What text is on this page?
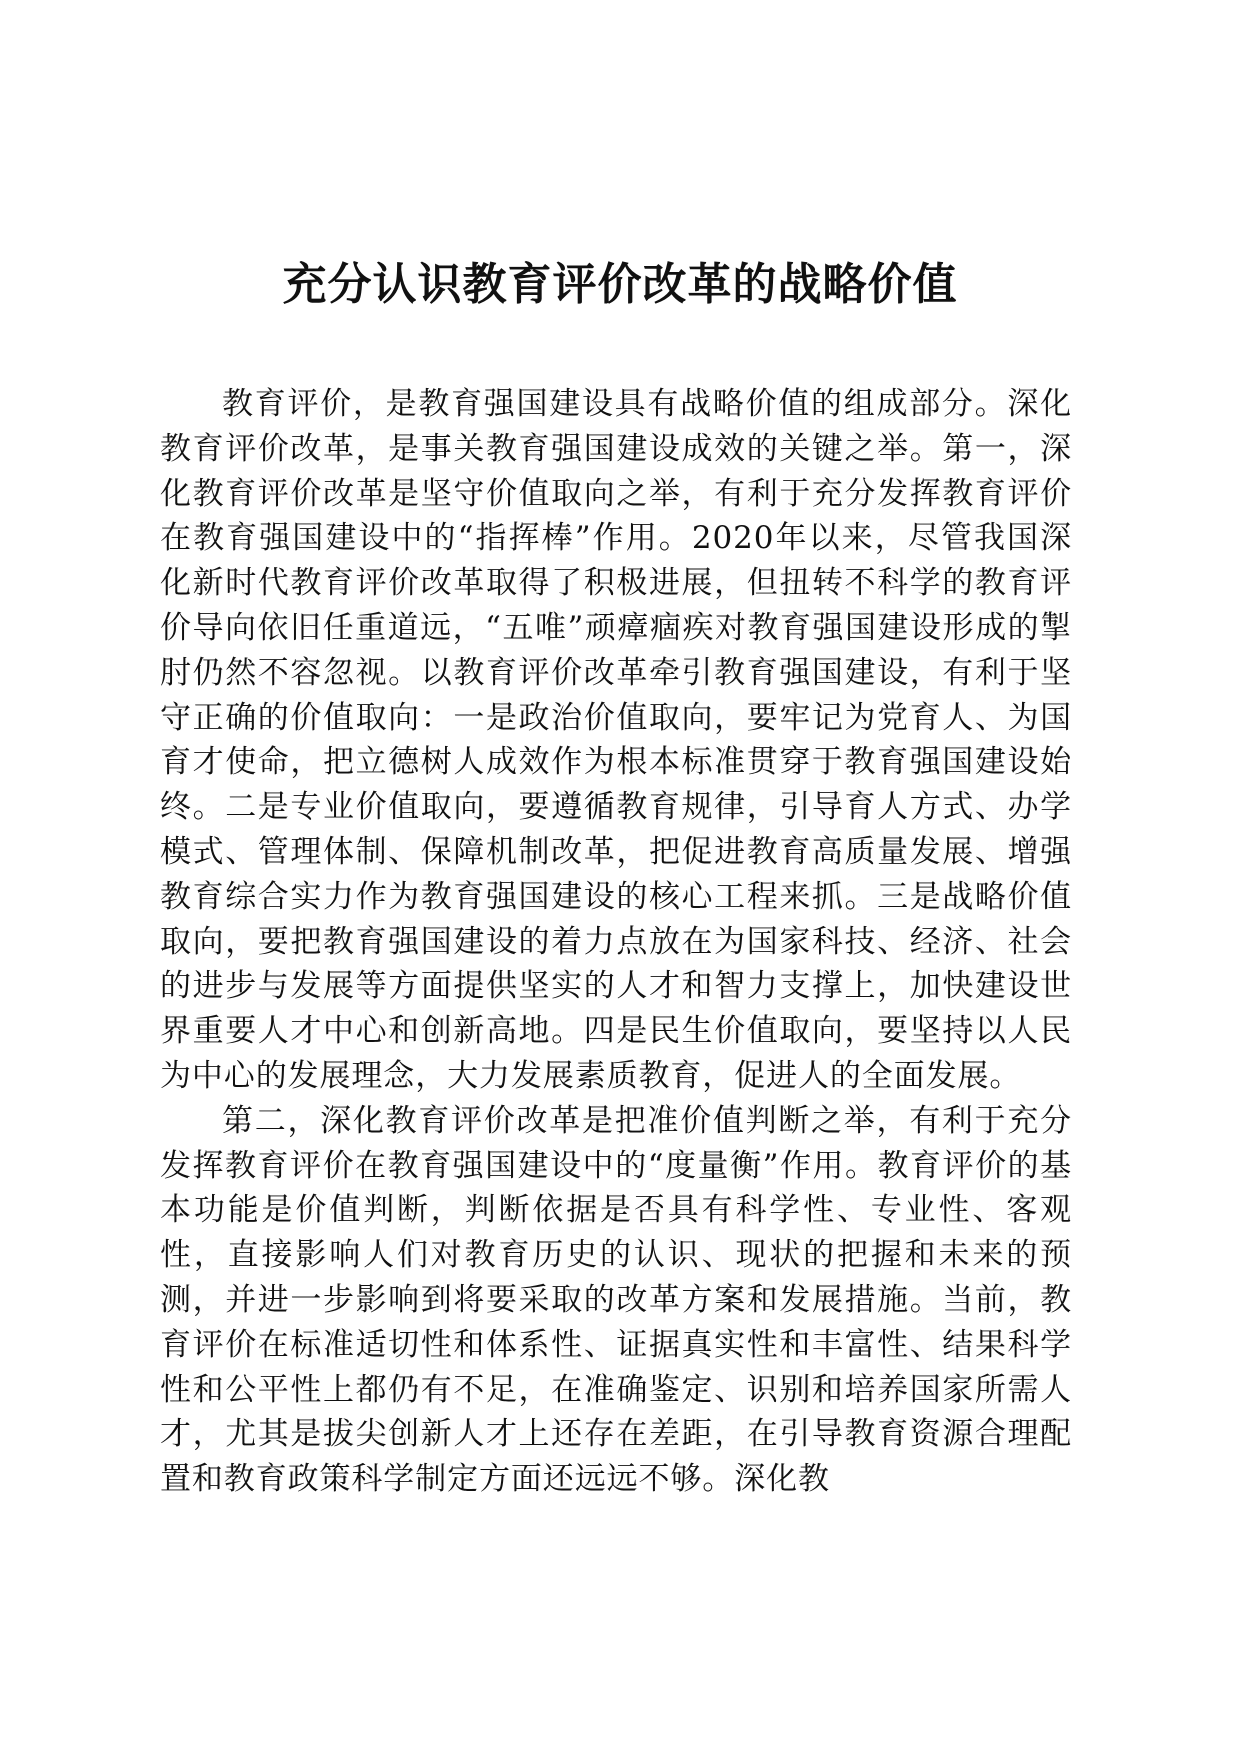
充分认识教育评价改革的战略价值

教育评价，是教育强国建设具有战略价值的组成部分。深化教育评价改革，是事关教育强国建设成效的关键之举。第一，深化教育评价改革是坚守价值取向之举，有利于充分发挥教育评价在教育强国建设中的“指挥棒”作用。2020年以来，尽管我国深化新时代教育评价改革取得了积极进展，但扭转不科学的教育评价导向依旧任重道远，“五唯”顽瘴痼疾对教育强国建设形成的掣肘仍然不容忽视。以教育评价改革牵引教育强国建设，有利于坚守正确的价值取向：一是政治价值取向，要牢记为党育人、为国育才使命，把立德树人成效作为根本标准贯穿于教育强国建设始终。二是专业价值取向，要遵循教育规律，引导育人方式、办学模式、管理体制、保障机制改革，把促进教育高质量发展、增强教育综合实力作为教育强国建设的核心工程来抓。三是战略价值取向，要把教育强国建设的着力点放在为国家科技、经济、社会的进步与发展等方面提供坚实的人才和智力支撑上，加快建设世界重要人才中心和创新高地。四是民生价值取向，要坚持以人民为中心的发展理念，大力发展素质教育，促进人的全面发展。

第二，深化教育评价改革是把准价值判断之举，有利于充分发挥教育评价在教育强国建设中的“度量衡”作用。教育评价的基本功能是价值判断，判断依据是否具有科学性、专业性、客观性，直接影响人们对教育历史的认识、现状的把握和未来的预测，并进一步影响到将要采取的改革方案和发展措施。当前，教育评价在标准适切性和体系性、证据真实性和丰富性、结果科学性和公平性上都仍有不足，在准确鉴定、识别和培养国家所需人才，尤其是拔尖创新人才上还存在差距，在引导教育资源合理配置和教育政策科学制定方面还远远不够。深化教
